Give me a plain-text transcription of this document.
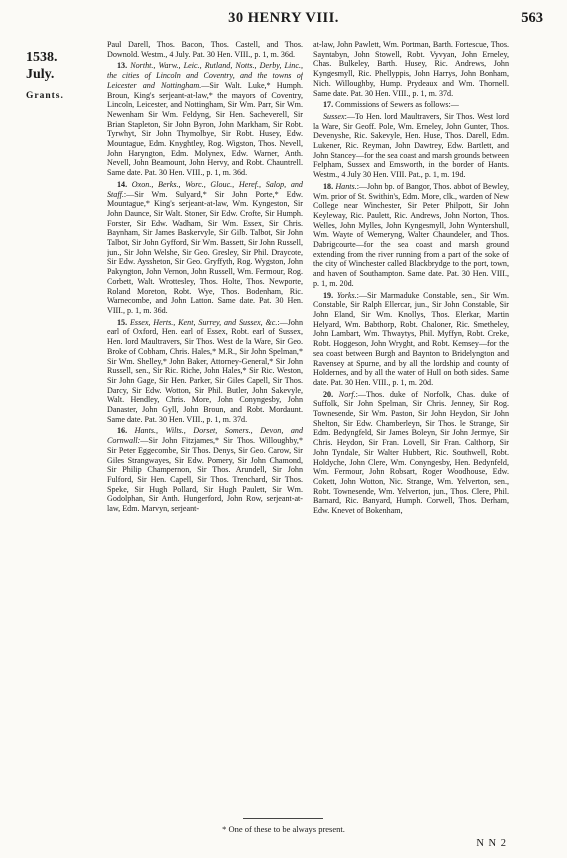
30 HENRY VIII.	563
1538.
July.
Grants.

Paul Darell, Thos. Bacon, Thos. Castell, and Thos. Downold. Westm., 4 July. Pat. 30 Hen. VIII., p. 1, m. 36d.

13. Northt., Warw., Leic., Rutland, Notts., Derby, Linc., the cities of Lincoln and Coventry, and the towns of Leicester and Nottingham.—Sir Walt. Luke,* Humph. Broun, King's serjeant-at-law,* the mayors of Coventry, Lincoln, Leicester, and Nottingham, Sir Wm. Parr, Sir Wm. Newenham Sir Wm. Feldyng, Sir Hen. Sacheverell, Sir Brian Stapleton, Sir John Byron, John Markham, Sir Robt. Tyrwhyt, Sir John Thymolbye, Sir Robt. Husey, Edw. Mountague, Edm. Knyghtley, Rog. Wigston, Thos. Nevell, John Haryngton, Edm. Molynex, Edw. Warner, Anth. Nevell, John Beamount, John Hervy, and Robt. Chauntrell. Same date. Pat. 30 Hen. VIII., p. 1, m. 36d.

14. Oxon., Berks., Worc., Glouc., Heref., Salop, and Staff.:—Sir Wm. Sulyard,* Sir John Porte,* Edw. Mountague,* King's serjeant-at-law, Wm. Kyngeston, Sir John Daunce, Sir Walt. Stoner, Sir Edw. Crofte, Sir Humph. Forster, Sir Edw. Wadham, Sir Wm. Essex, Sir Chris. Baynham, Sir James Baskervyle, Sir Gilb. Talbot, Sir John Talbot, Sir John Gyfford, Sir Wm. Bassett, Sir John Russell, jun., Sir John Welshe, Sir Geo. Gresley, Sir Phil. Draycote, Sir Edw. Ayssheton, Sir Geo. Gryffyth, Rog. Wygston, John Pakyngton, John Vernon, John Russell, Wm. Fermour, Rog. Corbett, Walt. Wrottesley, Thos. Holte, Thos. Newporte, Roland Moreton, Robt. Wye, Thos. Bodenham, Ric. Warnecombe, and John Latton. Same date. Pat. 30 Hen. VIII., p. 1, m. 36d.

15. Essex, Herts., Kent, Surrey, and Sussex, &c.:—John earl of Oxford, Hen. earl of Essex, Robt. earl of Sussex, Hen. lord Maultravers, Sir Thos. West de la Ware, Sir Geo. Broke of Cobham, Chris. Hales,* M.R., Sir John Spelman,* Sir Wm. Shelley,* John Baker, Attorney-General,* Sir John Russell, sen., Sir Ric. Riche, John Hales,* Sir Ric. Weston, Sir John Gage, Sir Hen. Parker, Sir Giles Capell, Sir Thos. Darcy, Sir Edw. Wotton, Sir Phil. Butler, John Sakevyle, Walt. Hendley, Chris. More, John Conyngesby, John Danaster, John Gyll, John Broun, and Robt. Mordaunt. Same date. Pat. 30 Hen. VIII., p. 1, m. 37d.

16. Hants., Wilts., Dorset, Somers., Devon, and Cornwall:—Sir John Fitzjames,* Sir Thos. Willoughby,* Sir Peter Eggecombe, Sir Thos. Denys, Sir Geo. Carow, Sir Giles Strangwayes, Sir Edw. Pomery, Sir John Chamond, Sir Philip Champernon, Sir Thos. Arundell, Sir John Fulford, Sir Hen. Capell, Sir Thos. Trenchard, Sir Thos. Speke, Sir Hugh Pollard, Sir Hugh Paulett, Sir Wm. Godolphan, Sir Anth. Hungerford, John Row, serjeant-at-law, Edm. Marvyn, serjeant-

at-law, John Pawlett, Wm. Portman, Barth. Fortescue, Thos. Sayntabyn, John Stowell, Robt. Vyvyan, John Erneley, Chas. Bulkeley, Barth. Husey, Ric. Andrews, John Kyngesmyll, Ric. Phellyppis, John Harrys, John Bonham, Nich. Willoughby, Hump. Prydeaux and Wm. Thornell. Same date. Pat. 30 Hen. VIII., p. 1, m. 37d.

17. Commissions of Sewers as follows:—

Sussex:—To Hen. lord Maultravers, Sir Thos. West lord la Ware, Sir Geoff. Pole, Wm. Erneley, John Gunter, Thos. Devenyshe, Ric. Sakevyle, Hen. Huse, Thos. Darell, Edm. Lukener, Ric. Reyman, John Dawtrey, Edw. Bartlett, and John Stancey—for the sea coast and marsh grounds between Felpham, Sussex and Emsworth, in the border of Hants. Westm., 4 July 30 Hen. VIII. Pat., p. 1, m. 19d.

18. Hants.:—John bp. of Bangor, Thos. abbot of Bewley, Wm. prior of St. Swithin's, Edm. More, clk., warden of New College near Winchester, Sir Peter Philpott, Sir John Keyleway, Ric. Paulett, Ric. Andrews, John Norton, Thos. Welles, John Mylles, John Kyngesmyll, John Wyntershull, Wm. Wayte of Wemeryng, Walter Chaundeler, and Thos. Dabrigcourte—for the sea coast and marsh ground extending from the river running from a part of the soke of the city of Winchester called Blackbrydge to the port, town, and haven of Southampton. Same date. Pat. 30 Hen. VIII., p. 1, m. 20d.

19. Yorks.:—Sir Marmaduke Constable, sen., Sir Wm. Constable, Sir Ralph Ellercar, jun., Sir John Constable, Sir John Eland, Sir Wm. Knollys, Thos. Elerkar, Martin Helyard, Wm. Babthorp, Robt. Chaloner, Ric. Smetheley, John Lambart, Wm. Thwaytys, Phil. Myffyn, Robt. Creke, Robt. Hoggeson, John Wryght, and Robt. Kemsey—for the sea coast between Burgh and Baynton to Bridelyngton and Ravensey at Spurne, and by all the lordship and county of Holdernes, and by all the water of Hull on both sides. Same date. Pat. 30 Hen. VIII., p. 1, m. 20d.

20. Norf.:—Thos. duke of Norfolk, Chas. duke of Suffolk, Sir John Spelman, Sir Chris. Jenney, Sir Rog. Townesende, Sir Wm. Paston, Sir John Heydon, Sir John Shelton, Sir Edw. Chamberleyn, Sir Thos. le Strange, Sir Edm. Bedyngfeld, Sir James Boleyn, Sir John Jermye, Sir Chris. Heydon, Sir Fran. Lovell, Sir Fran. Calthorp, Sir John Tyndale, Sir Walter Hubbert, Ric. Southwell, Robt. Holdyche, John Clere, Wm. Conyngesby, Hen. Bedynfeld, Wm. Fermour, John Robsart, Roger Woodhouse, Edw. Cokett, John Wotton, Nic. Strange, Wm. Yelverton, sen., Robt. Townesende, Wm. Yelverton, jun., Thos. Clere, Phil. Barnard, Ric. Banyard, Humph. Corwell, Thos. Derham, Edw. Knevet of Bokenham,

* One of these to be always present.
N N 2
